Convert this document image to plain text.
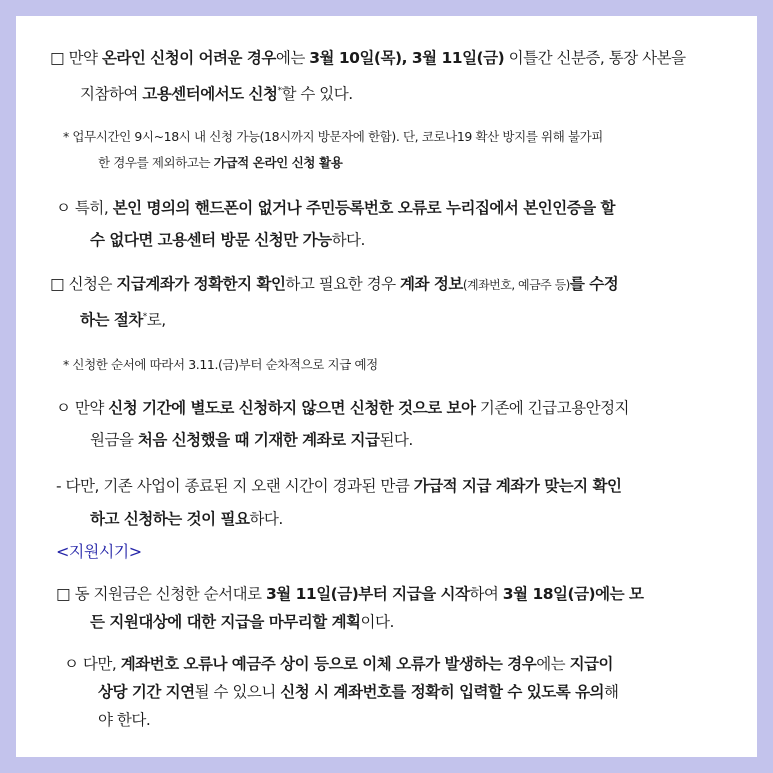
□ 만약 온라인 신청이 어려운 경우에는 3월 10일(목), 3월 11일(금) 이틀간 신분증, 통장 사본을
지참하여 고용센터에서도 신청*할 수 있다.
* 업무시간인 9시~18시 내 신청 가능(18시까지 방문자에 한함). 단, 코로나19 확산 방지를 위해 불가피
한 경우를 제외하고는 가급적 온라인 신청 활용
ㅇ 특히, 본인 명의의 핸드폰이 없거나 주민등록번호 오류로 누리집에서 본인인증을 할
수 없다면 고용센터 방문 신청만 가능하다.
□ 신청은 지급계좌가 정확한지 확인하고 필요한 경우 계좌 정보(계좌번호, 예금주 등)를 수정
하는 절차*로,
* 신청한 순서에 따라서 3.11.(금)부터 순차적으로 지급 예정
ㅇ 만약 신청 기간에 별도로 신청하지 않으면 신청한 것으로 보아 기존에 긴급고용안정지
원금을 처음 신청했을 때 기재한 계좌로 지급된다.
- 다만, 기존 사업이 종료된 지 오랜 시간이 경과된 만큼 가급적 지급 계좌가 맞는지 확인
하고 신청하는 것이 필요하다.
<지원시기>
□ 동 지원금은 신청한 순서대로 3월 11일(금)부터 지급을 시작하여 3월 18일(금)에는 모
든 지원대상에 대한 지급을 마무리할 계획이다.
ㅇ 다만, 계좌번호 오류나 예금주 상이 등으로 이체 오류가 발생하는 경우에는 지급이
상당 기간 지연될 수 있으니 신청 시 계좌번호를 정확히 입력할 수 있도록 유의해
야 한다.
